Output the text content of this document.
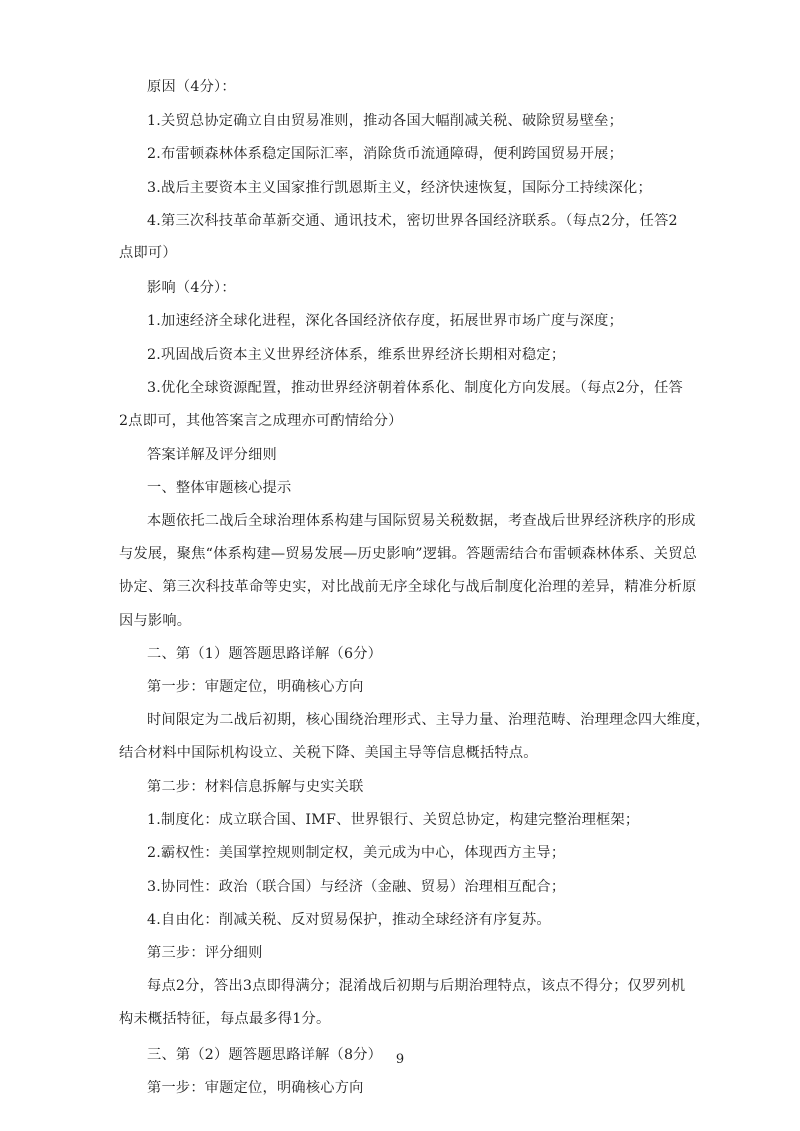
原因（4分）：

1.关贸总协定确立自由贸易准则，推动各国大幅削减关税、破除贸易壁垒；

2.布雷顿森林体系稳定国际汇率，消除货币流通障碍，便利跨国贸易开展；

3.战后主要资本主义国家推行凯恩斯主义，经济快速恢复，国际分工持续深化；

4.第三次科技革命革新交通、通讯技术，密切世界各国经济联系。（每点2分，任答2

点即可）

影响（4分）：

1.加速经济全球化进程，深化各国经济依存度，拓展世界市场广度与深度；

2.巩固战后资本主义世界经济体系，维系世界经济长期相对稳定；

3.优化全球资源配置，推动世界经济朝着体系化、制度化方向发展。（每点2分，任答

2点即可，其他答案言之成理亦可酌情给分）

答案详解及评分细则

一、整体审题核心提示

本题依托二战后全球治理体系构建与国际贸易关税数据，考查战后世界经济秩序的形成

与发展，聚焦“体系构建—贸易发展—历史影响”逻辑。答题需结合布雷顿森林体系、关贸总

协定、第三次科技革命等史实，对比战前无序全球化与战后制度化治理的差异，精准分析原

因与影响。

二、第（1）题答题思路详解（6分）

第一步：审题定位，明确核心方向

时间限定为二战后初期，核心围绕治理形式、主导力量、治理范畴、治理理念四大维度，

结合材料中国际机构设立、关税下降、美国主导等信息概括特点。

第二步：材料信息拆解与史实关联

1.制度化：成立联合国、IMF、世界银行、关贸总协定，构建完整治理框架；

2.霸权性：美国掌控规则制定权，美元成为中心，体现西方主导；

3.协同性：政治（联合国）与经济（金融、贸易）治理相互配合；

4.自由化：削减关税、反对贸易保护，推动全球经济有序复苏。

第三步：评分细则

每点2分，答出3点即得满分；混淆战后初期与后期治理特点，该点不得分；仅罗列机

构未概括特征，每点最多得1分。

三、第（2）题答题思路详解（8分）

第一步：审题定位，明确核心方向

9
